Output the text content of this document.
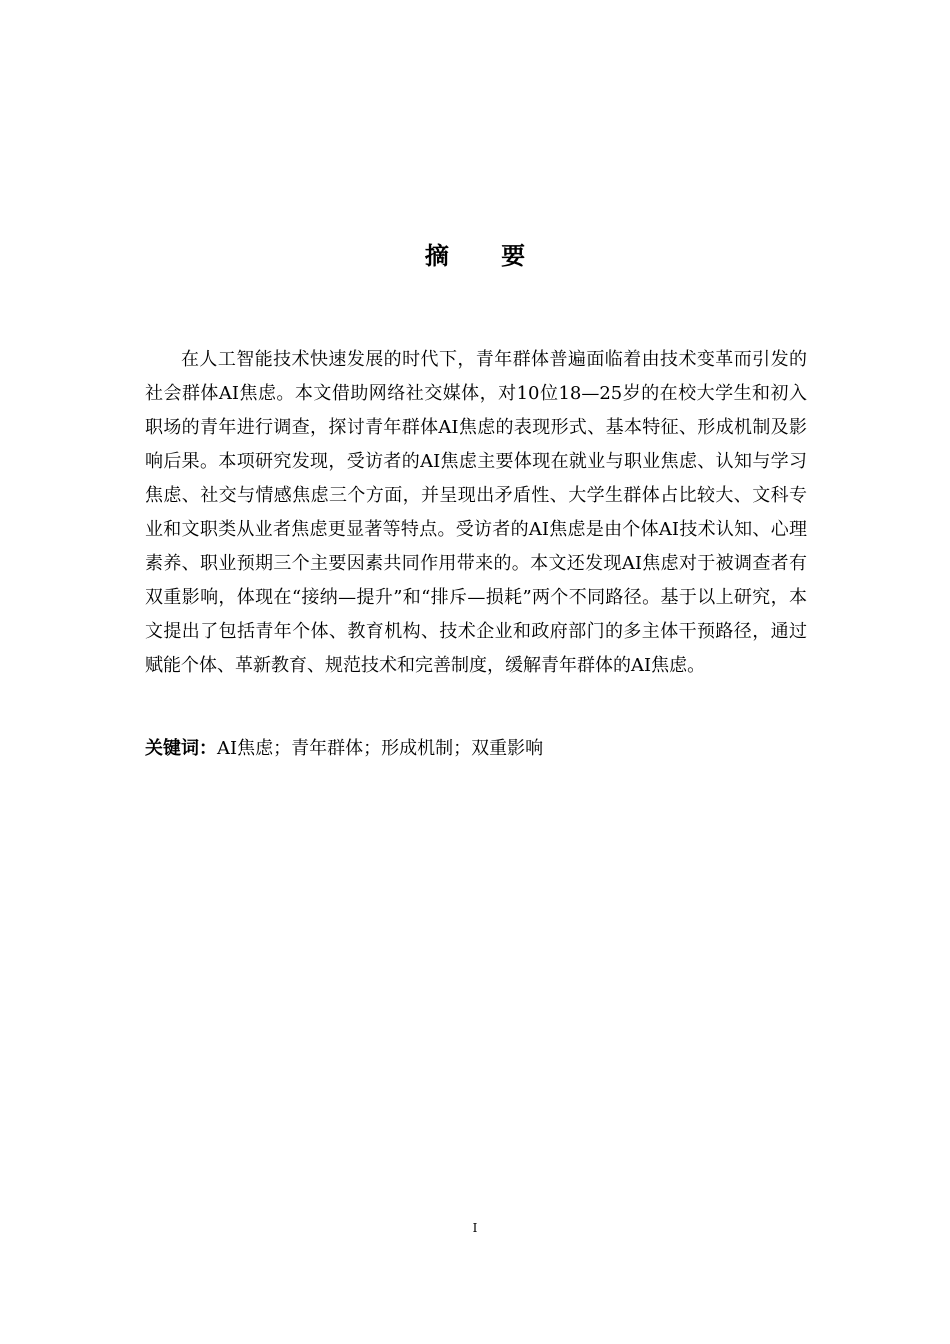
摘 要

在人工智能技术快速发展的时代下，青年群体普遍面临着由技术变革而引发的社会群体AI焦虑。本文借助网络社交媒体，对10位18—25岁的在校大学生和初入职场的青年进行调查，探讨青年群体AI焦虑的表现形式、基本特征、形成机制及影响后果。本项研究发现，受访者的AI焦虑主要体现在就业与职业焦虑、认知与学习焦虑、社交与情感焦虑三个方面，并呈现出矛盾性、大学生群体占比较大、文科专业和文职类从业者焦虑更显著等特点。受访者的AI焦虑是由个体AI技术认知、心理素养、职业预期三个主要因素共同作用带来的。本文还发现AI焦虑对于被调查者有双重影响，体现在“接纳—提升”和“排斥—损耗”两个不同路径。基于以上研究，本文提出了包括青年个体、教育机构、技术企业和政府部门的多主体干预路径，通过赋能个体、革新教育、规范技术和完善制度，缓解青年群体的AI焦虑。

关键词：AI焦虑；青年群体；形成机制；双重影响
I
